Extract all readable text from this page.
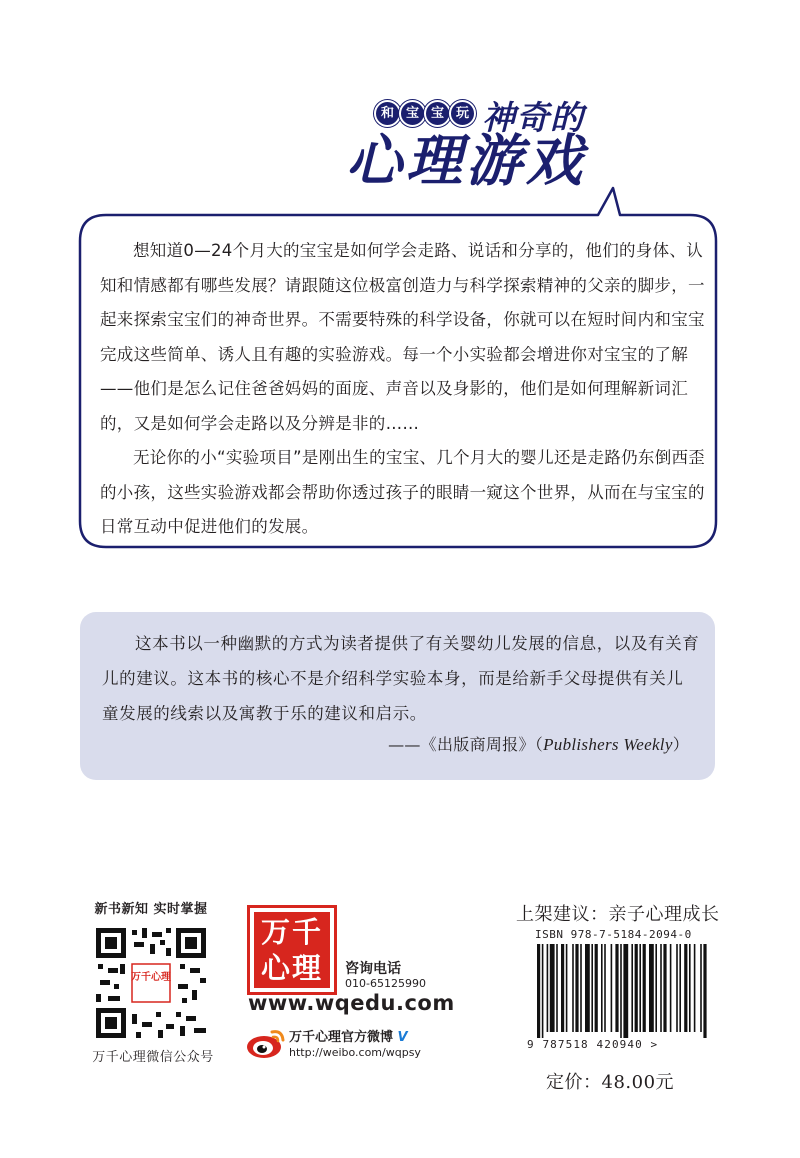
和 宝 宝 玩 神奇的
心理游戏

想知道0—24个月大的宝宝是如何学会走路、说话和分享的，他们的身体、认知和情感都有哪些发展？请跟随这位极富创造力与科学探索精神的父亲的脚步，一起来探索宝宝们的神奇世界。不需要特殊的科学设备，你就可以在短时间内和宝宝完成这些简单、诱人且有趣的实验游戏。每一个小实验都会增进你对宝宝的了解——他们是怎么记住爸爸妈妈的面庞、声音以及身影的，他们是如何理解新词汇的，又是如何学会走路以及分辨是非的……

无论你的小“实验项目”是刚出生的宝宝、几个月大的婴儿还是走路仍东倒西歪的小孩，这些实验游戏都会帮助你透过孩子的眼睛一窥这个世界，从而在与宝宝的日常互动中促进他们的发展。

这本书以一种幽默的方式为读者提供了有关婴幼儿发展的信息，以及有关育儿的建议。这本书的核心不是介绍科学实验本身，而是给新手父母提供有关儿童发展的线索以及寓教于乐的建议和启示。
——《出版商周报》（Publishers Weekly）
新书新知 实时掌握
万千心理
万千心理微信公众号
万千
心理	咨询电话
010-65125990
www.wqedu.com
万千心理官方微博 V
http://weibo.com/wqpsy
上架建议：亲子心理成长
ISBN 978-7-5184-2094-0
9 787518 420940 >
定价：48.00元
